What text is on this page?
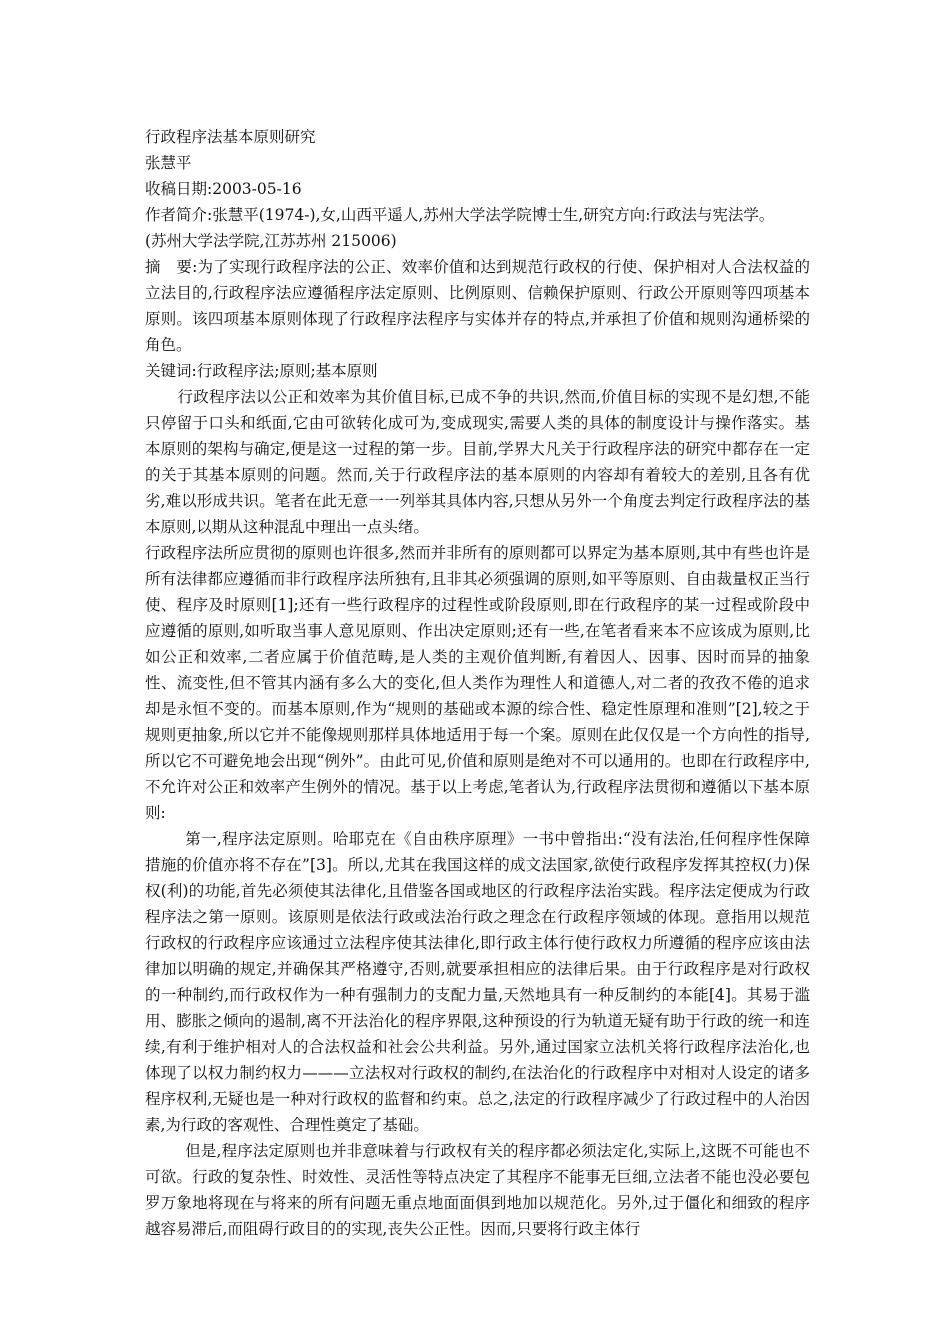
行政程序法基本原则研究

张慧平

收稿日期:2003-05-16

作者简介:张慧平(1974-),女,山西平遥人,苏州大学法学院博士生,研究方向:行政法与宪法学。

(苏州大学法学院,江苏苏州 215006)

摘　要:为了实现行政程序法的公正、效率价值和达到规范行政权的行使、保护相对人合法权益的立法目的,行政程序法应遵循程序法定原则、比例原则、信赖保护原则、行政公开原则等四项基本原则。该四项基本原则体现了行政程序法程序与实体并存的特点,并承担了价值和规则沟通桥梁的角色。

关键词:行政程序法;原则;基本原则

行政程序法以公正和效率为其价值目标,已成不争的共识,然而,价值目标的实现不是幻想,不能只停留于口头和纸面,它由可欲转化成可为,变成现实,需要人类的具体的制度设计与操作落实。基本原则的架构与确定,便是这一过程的第一步。目前,学界大凡关于行政程序法的研究中都存在一定的关于其基本原则的问题。然而,关于行政程序法的基本原则的内容却有着较大的差别,且各有优劣,难以形成共识。笔者在此无意一一列举其具体内容,只想从另外一个角度去判定行政程序法的基本原则,以期从这种混乱中理出一点头绪。

行政程序法所应贯彻的原则也许很多,然而并非所有的原则都可以界定为基本原则,其中有些也许是所有法律都应遵循而非行政程序法所独有,且非其必须强调的原则,如平等原则、自由裁量权正当行使、程序及时原则[1];还有一些行政程序的过程性或阶段原则,即在行政程序的某一过程或阶段中应遵循的原则,如听取当事人意见原则、作出决定原则;还有一些,在笔者看来本不应该成为原则,比如公正和效率,二者应属于价值范畴,是人类的主观价值判断,有着因人、因事、因时而异的抽象性、流变性,但不管其内涵有多么大的变化,但人类作为理性人和道德人,对二者的孜孜不倦的追求却是永恒不变的。而基本原则,作为“规则的基础或本源的综合性、稳定性原理和准则”[2],较之于规则更抽象,所以它并不能像规则那样具体地适用于每一个案。原则在此仅仅是一个方向性的指导,所以它不可避免地会出现“例外”。由此可见,价值和原则是绝对不可以通用的。也即在行政程序中,不允许对公正和效率产生例外的情况。基于以上考虑,笔者认为,行政程序法贯彻和遵循以下基本原则:

第一,程序法定原则。哈耶克在《自由秩序原理》一书中曾指出:“没有法治,任何程序性保障措施的价值亦将不存在”[3]。所以,尤其在我国这样的成文法国家,欲使行政程序发挥其控权(力)保权(利)的功能,首先必须使其法律化,且借鉴各国或地区的行政程序法治实践。程序法定便成为行政程序法之第一原则。该原则是依法行政或法治行政之理念在行政程序领域的体现。意指用以规范行政权的行政程序应该通过立法程序使其法律化,即行政主体行使行政权力所遵循的程序应该由法律加以明确的规定,并确保其严格遵守,否则,就要承担相应的法律后果。由于行政程序是对行政权的一种制约,而行政权作为一种有强制力的支配力量,天然地具有一种反制约的本能[4]。其易于滥用、膨胀之倾向的遏制,离不开法治化的程序界限,这种预设的行为轨道无疑有助于行政的统一和连续,有利于维护相对人的合法权益和社会公共利益。另外,通过国家立法机关将行政程序法治化,也体现了以权力制约权力———立法权对行政权的制约,在法治化的行政程序中对相对人设定的诸多程序权利,无疑也是一种对行政权的监督和约束。总之,法定的行政程序减少了行政过程中的人治因素,为行政的客观性、合理性奠定了基础。

但是,程序法定原则也并非意味着与行政权有关的程序都必须法定化,实际上,这既不可能也不可欲。行政的复杂性、时效性、灵活性等特点决定了其程序不能事无巨细,立法者不能也没必要包罗万象地将现在与将来的所有问题无重点地面面俱到地加以规范化。另外,过于僵化和细致的程序越容易滞后,而阻碍行政目的的实现,丧失公正性。因而,只要将行政主体行
